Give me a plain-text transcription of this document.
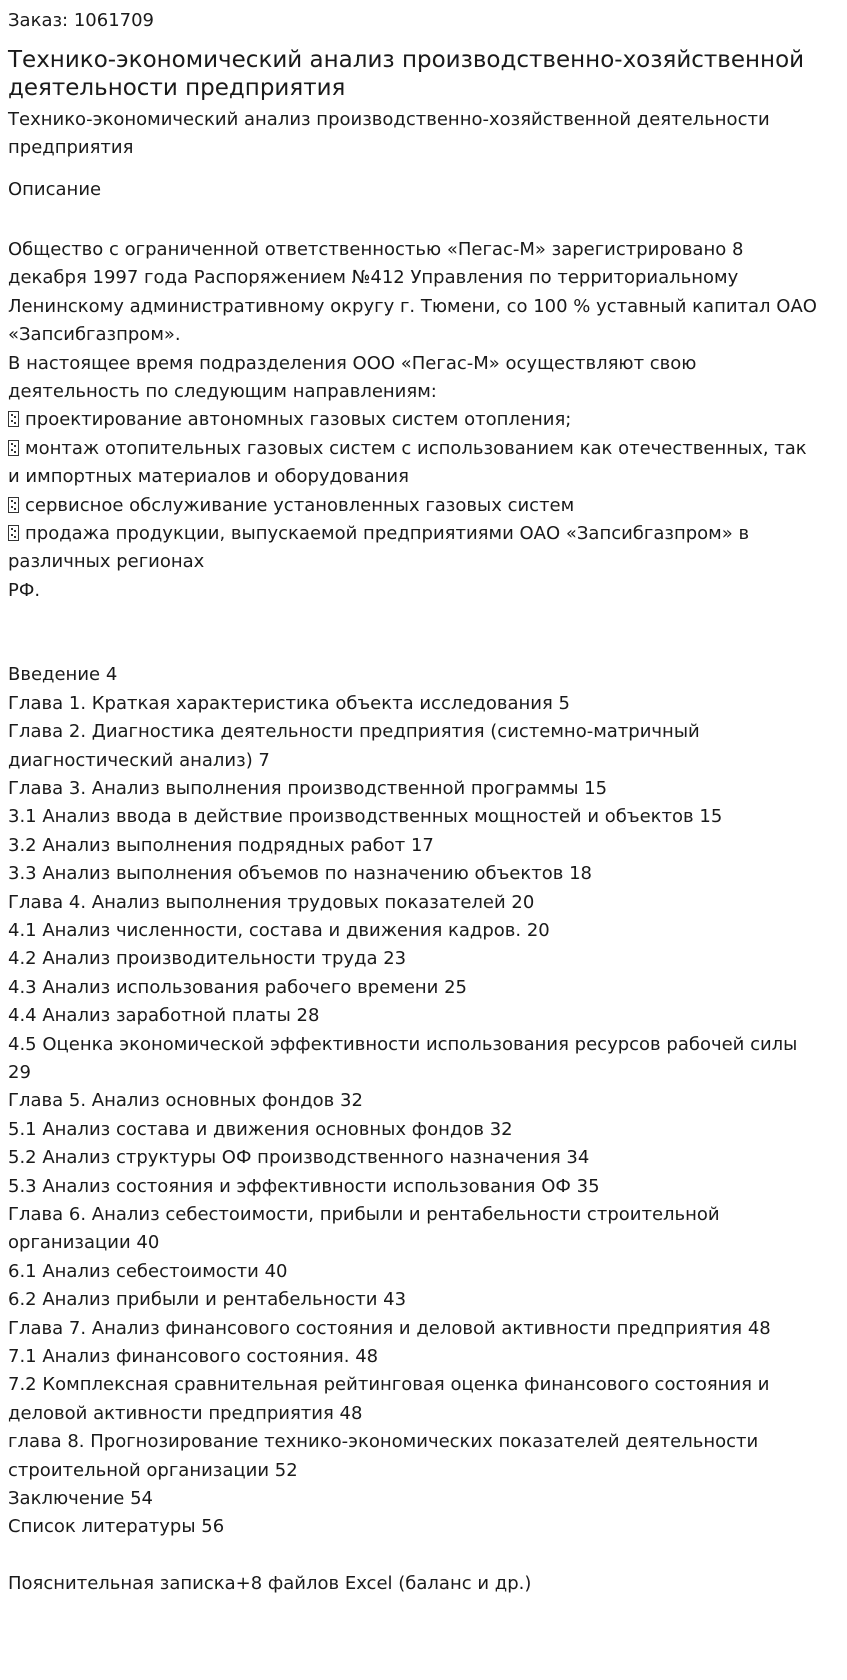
Заказ: 1061709

Технико-экономический анализ производственно-хозяйственной деятельности предприятия

Технико-экономический анализ производственно-хозяйственной деятельности предприятия

Описание

Общество с ограниченной ответственностью «Пегас-М» зарегистрировано 8 декабря 1997 года Распоряжением №412 Управления по территориальному Ленинскому административному округу г. Тюмени, со 100 % уставный капитал ОАО «Запсибгазпром».

В настоящее время подразделения ООО «Пегас-М» осуществляют свою деятельность по следующим направлениям:

проектирование автономных газовых систем отопления;

монтаж отопительных газовых систем с использованием как отечественных, так и импортных материалов и оборудования

сервисное обслуживание установленных газовых систем

продажа продукции, выпускаемой предприятиями ОАО «Запсибгазпром» в различных регионах

РФ.

Введение 4

Глава 1. Краткая характеристика объекта исследования 5

Глава 2. Диагностика деятельности предприятия (системно-матричный диагностический анализ) 7

Глава 3. Анализ выполнения производственной программы 15

3.1 Анализ ввода в действие производственных мощностей и объектов 15

3.2 Анализ выполнения подрядных работ 17

3.3 Анализ выполнения объемов по назначению объектов 18

Глава 4. Анализ выполнения трудовых показателей 20

4.1 Анализ численности, состава и движения кадров. 20

4.2 Анализ производительности труда 23

4.3 Анализ использования рабочего времени 25

4.4 Анализ заработной платы 28

4.5 Оценка экономической эффективности использования ресурсов рабочей силы 29

Глава 5. Анализ основных фондов 32

5.1 Анализ состава и движения основных фондов 32

5.2 Анализ структуры ОФ производственного назначения 34

5.3 Анализ состояния и эффективности использования ОФ 35

Глава 6. Анализ себестоимости, прибыли и рентабельности строительной организации 40

6.1 Анализ себестоимости 40

6.2 Анализ прибыли и рентабельности 43

Глава 7. Анализ финансового состояния и деловой активности предприятия 48

7.1 Анализ финансового состояния. 48

7.2 Комплексная сравнительная рейтинговая оценка финансового состояния и деловой активности предприятия 48

глава 8. Прогнозирование технико-экономических показателей деятельности строительной организации 52

Заключение 54

Список литературы 56

Пояснительная записка+8 файлов Excel (баланс и др.)
